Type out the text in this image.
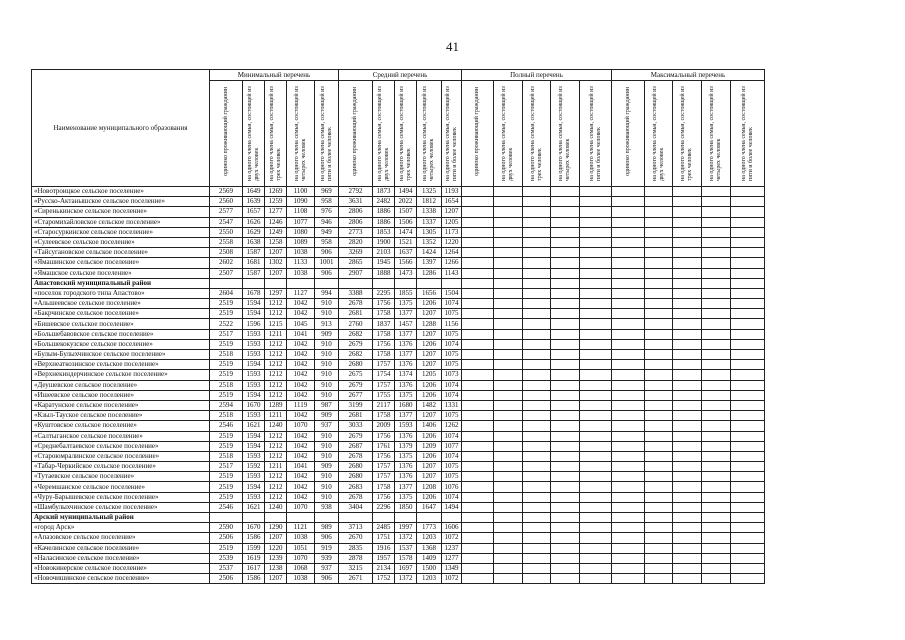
41
Наименование муниципального образования	Минимальный перечень					Средний перечень					Полный перечень					Максимальный перечень				
	одиноко проживающий гражданин	на одного члена семьи, состоящей из двух человек	на одного члена семьи, состоящей из трех человек	на одного члена семьи, состоящей из четырех человек	на одного члена семьи, состоящей из пяти и более человек	одиноко проживающий гражданин	на одного члена семьи, состоящей из двух человек	на одного члена семьи, состоящей из трех человек	на одного члена семьи, состоящей из четырех человек	на одного члена семьи, состоящей из пяти и более человек	одиноко проживающий гражданин	на одного члена семьи, состоящей из двух человек	на одного члена семьи, состоящей из трех человек	на одного члена семьи, состоящей из четырех человек	на одного члена семьи, состоящей из пяти и более человек	одиноко проживающий гражданин	на одного члена семьи, состоящей из двух человек	на одного члена семьи, состоящей из трех человек	на одного члена семьи, состоящей из четырех человек	на одного члена семьи, состоящей из пяти и более человек
«Новотроицкое сельское поселение»	2569	1649	1269	1100	969	2792	1873	1494	1325	1193										
«Русско-Актанышское сельское поселение»	2560	1639	1259	1090	958	3631	2482	2022	1812	1654										
«Сиренькинское сельское поселение»	2577	1657	1277	1108	976	2806	1886	1507	1338	1207										
«Старомихайловское сельское поселение»	2547	1626	1246	1077	946	2806	1886	1506	1337	1205										
«Старосуркинское сельское поселение»	2550	1629	1249	1080	949	2773	1853	1474	1305	1173										
«Сулеевское сельское поселение»	2558	1638	1258	1089	958	2820	1900	1521	1352	1220										
«Тайсугановское сельское поселение»	2508	1587	1207	1038	906	3269	2103	1637	1424	1264										
«Ямашинское сельское поселение»	2602	1681	1302	1133	1001	2865	1945	1566	1397	1266										
«Ямашское сельское поселение»	2507	1587	1207	1038	906	2907	1888	1473	1286	1143										
Апастовский муниципальный район																				
«поселок городского типа Апастово»	2604	1678	1297	1127	994	3388	2295	1855	1656	1504										
«Альшеевское сельское поселение»	2519	1594	1212	1042	910	2678	1756	1375	1206	1074										
«Бакрчинское сельское поселение»	2519	1594	1212	1042	910	2681	1758	1377	1207	1075										
«Бишевское сельское поселение»	2522	1596	1215	1045	913	2760	1837	1457	1288	1156										
«Большебавовское сельское поселение»	2517	1593	1211	1041	909	2682	1758	1377	1207	1075										
«Большекокузское сельское поселение»	2519	1593	1212	1042	910	2679	1756	1376	1206	1074										
«Булым-Булыхчинское сельское поселение»	2518	1593	1212	1042	910	2682	1758	1377	1207	1075										
«Верхнеаткозинское сельское поселение»	2519	1594	1212	1042	910	2680	1757	1376	1207	1075										
«Верхнекиндерчинское сельское поселение»	2519	1593	1212	1042	910	2675	1754	1374	1205	1073										
«Деушевское сельское поселение»	2518	1593	1212	1042	910	2679	1757	1376	1206	1074										
«Ишеевское сельское поселение»	2519	1594	1212	1042	910	2677	1755	1375	1206	1074										
«Каратунское сельское поселение»	2594	1670	1289	1119	987	3199	2117	1680	1482	1331										
«Кзыл-Тауское сельское поселение»	2518	1593	1211	1042	909	2681	1758	1377	1207	1075										
«Куштовское сельское поселение»	2546	1621	1240	1070	937	3033	2009	1593	1406	1262										
«Салтыганское сельское поселение»	2519	1594	1212	1042	910	2679	1756	1376	1206	1074										
«Среднебалтаевское сельское поселение»	2519	1594	1212	1042	910	2687	1761	1379	1209	1077										
«Староюмралинское сельское поселение»	2518	1593	1212	1042	910	2678	1756	1375	1206	1074										
«Табар-Черкийское сельское поселение»	2517	1592	1211	1041	909	2680	1757	1376	1207	1075										
«Тутаевское сельское поселение»	2519	1593	1212	1042	910	2680	1757	1376	1207	1075										
«Черемшанское сельское поселение»	2519	1594	1212	1042	910	2683	1758	1377	1208	1076										
«Чуру-Барышевское сельское поселение»	2519	1593	1212	1042	910	2678	1756	1375	1206	1074										
«Шамбулыхчинское сельское поселение»	2546	1621	1240	1070	938	3404	2296	1850	1647	1494										
Арский муниципальный район																				
«город Арск»	2590	1670	1290	1121	989	3713	2485	1997	1773	1606										
«Апазовское сельское поселение»	2506	1586	1207	1038	906	2670	1751	1372	1203	1072										
«Качелинское сельское поселение»	2519	1599	1220	1051	919	2835	1916	1537	1368	1237										
«Наласинское сельское поселение»	2539	1619	1239	1070	939	2878	1957	1578	1409	1277										
«Новокинерское сельское поселение»	2537	1617	1238	1068	937	3215	2134	1697	1500	1349										
«Новочишинское сельское поселение»	2506	1586	1207	1038	906	2671	1752	1372	1203	1072										
